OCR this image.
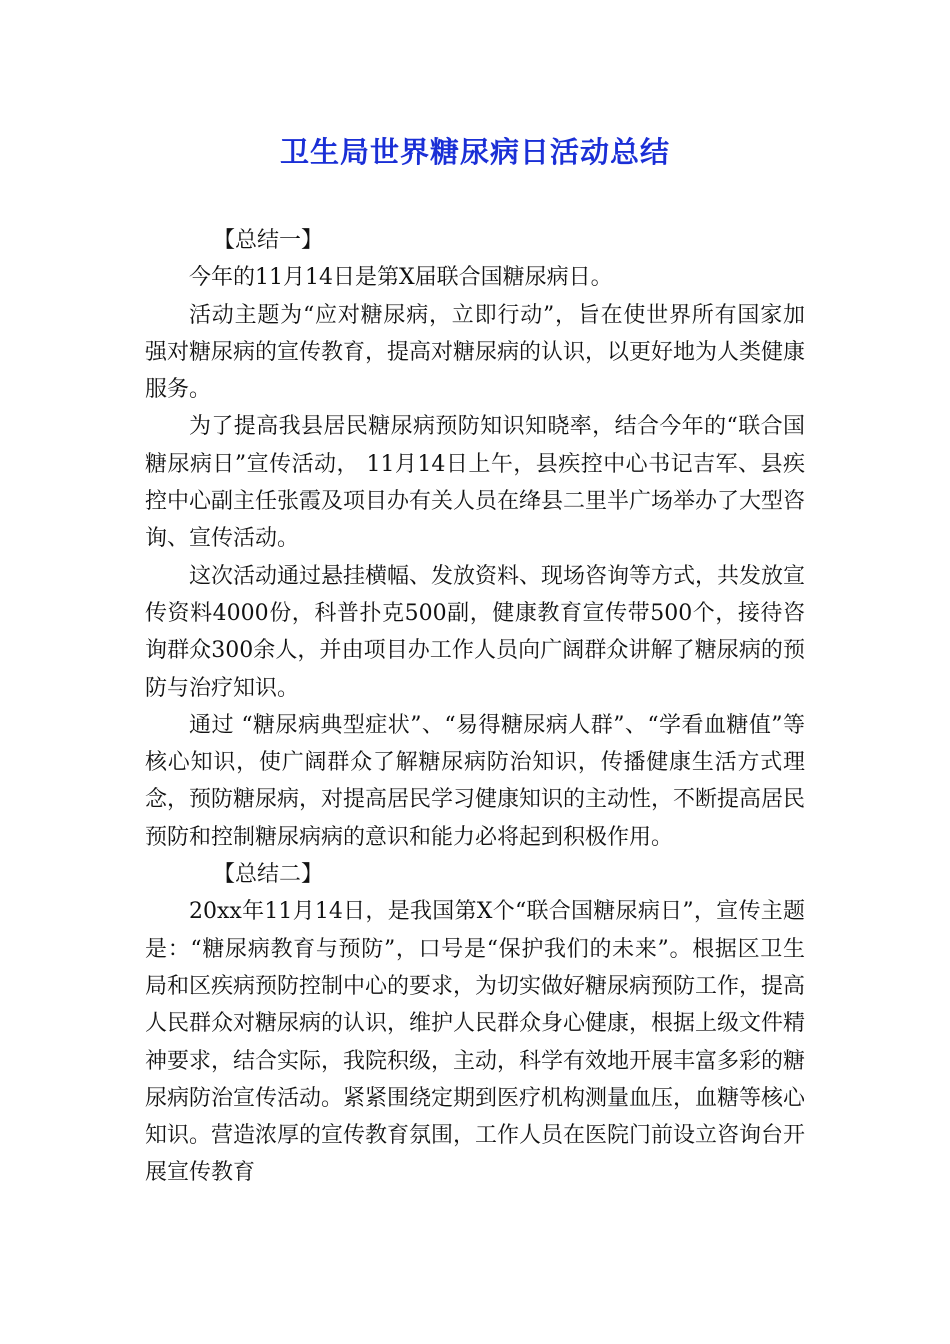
卫生局世界糖尿病日活动总结

【总结一】

今年的11月14日是第X届联合国糖尿病日。

活动主题为“应对糖尿病，立即行动”，旨在使世界所有国家加强对糖尿病的宣传教育，提高对糖尿病的认识，以更好地为人类健康服务。

为了提高我县居民糖尿病预防知识知晓率，结合今年的“联合国糖尿病日”宣传活动， 11月14日上午，县疾控中心书记吉军、县疾控中心副主任张霞及项目办有关人员在绛县二里半广场举办了大型咨询、宣传活动。

这次活动通过悬挂横幅、发放资料、现场咨询等方式，共发放宣传资料4000份，科普扑克500副，健康教育宣传带500个，接待咨询群众300余人，并由项目办工作人员向广阔群众讲解了糖尿病的预防与治疗知识。

通过 “糖尿病典型症状”、“易得糖尿病人群”、“学看血糖值”等核心知识，使广阔群众了解糖尿病防治知识，传播健康生活方式理念，预防糖尿病，对提高居民学习健康知识的主动性，不断提高居民预防和控制糖尿病病的意识和能力必将起到积极作用。

【总结二】

20xx年11月14日，是我国第X个“联合国糖尿病日”，宣传主题是：“糖尿病教育与预防”，口号是“保护我们的未来”。根据区卫生局和区疾病预防控制中心的要求，为切实做好糖尿病预防工作，提高人民群众对糖尿病的认识，维护人民群众身心健康，根据上级文件精神要求，结合实际，我院积级，主动，科学有效地开展丰富多彩的糖尿病防治宣传活动。紧紧围绕定期到医疗机构测量血压，血糖等核心知识。营造浓厚的宣传教育氛围，工作人员在医院门前设立咨询台开展宣传教育
